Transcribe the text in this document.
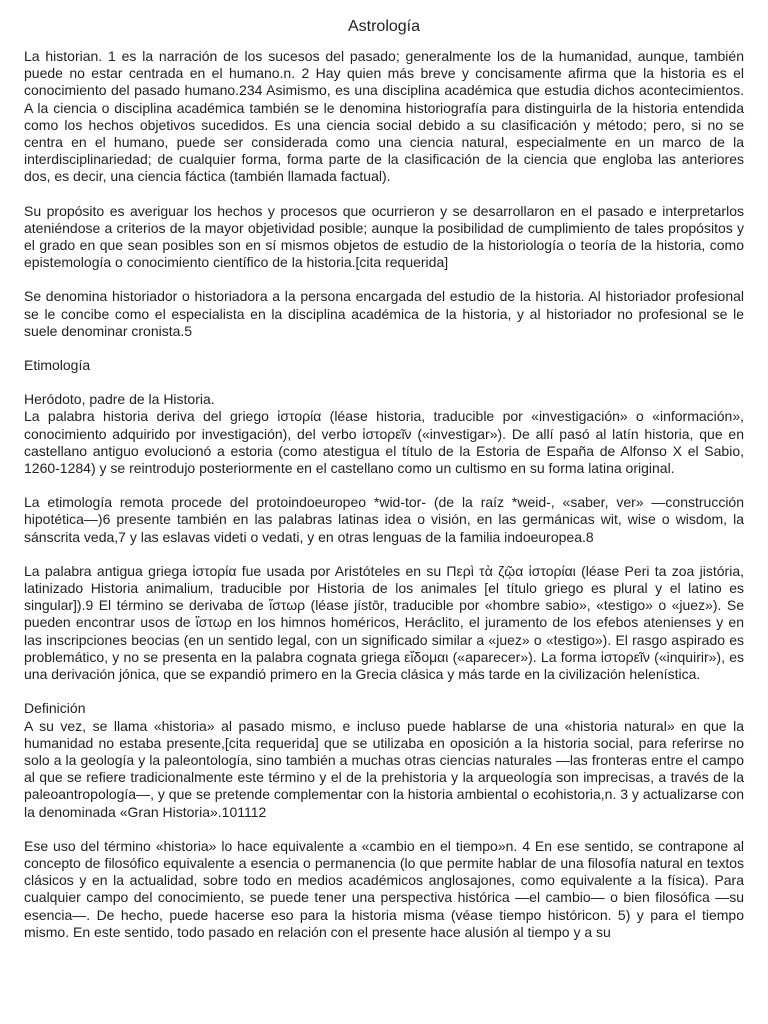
Astrología

La historian. 1 es la narración de los sucesos del pasado; generalmente los de la humanidad, aunque, también puede no estar centrada en el humano.n. 2 Hay quien más breve y concisamente afirma que la historia es el conocimiento del pasado humano.234 Asimismo, es una disciplina académica que estudia dichos acontecimientos. A la ciencia o disciplina académica también se le denomina historiografía para distinguirla de la historia entendida como los hechos objetivos sucedidos. Es una ciencia social debido a su clasificación y método; pero, si no se centra en el humano, puede ser considerada como una ciencia natural, especialmente en un marco de la interdisciplinariedad; de cualquier forma, forma parte de la clasificación de la ciencia que engloba las anteriores dos, es decir, una ciencia fáctica (también llamada factual).

Su propósito es averiguar los hechos y procesos que ocurrieron y se desarrollaron en el pasado e interpretarlos ateniéndose a criterios de la mayor objetividad posible; aunque la posibilidad de cumplimiento de tales propósitos y el grado en que sean posibles son en sí mismos objetos de estudio de la historiología o teoría de la historia, como epistemología o conocimiento científico de la historia.[cita requerida]

Se denomina historiador o historiadora a la persona encargada del estudio de la historia. Al historiador profesional se le concibe como el especialista en la disciplina académica de la historia, y al historiador no profesional se le suele denominar cronista.5

Etimología
Heródoto, padre de la Historia.

La palabra historia deriva del griego ἱστορία (léase historia, traducible por «investigación» o «información», conocimiento adquirido por investigación), del verbo ἱστορεῖν («investigar»). De allí pasó al latín historia, que en castellano antiguo evolucionó a estoria (como atestigua el título de la Estoria de España de Alfonso X el Sabio, 1260-1284) y se reintrodujo posteriormente en el castellano como un cultismo en su forma latina original.

La etimología remota procede del protoindoeuropeo *wid-tor- (de la raíz *weid-, «saber, ver» —construcción hipotética—)6 presente también en las palabras latinas idea o visión, en las germánicas wit, wise o wisdom, la sánscrita veda,7 y las eslavas videti o vedati, y en otras lenguas de la familia indoeuropea.8

La palabra antigua griega ἱστορία fue usada por Aristóteles en su Περὶ τὰ ζῷα ἱστορίαι (léase Peri ta zoa jistória, latinizado Historia animalium, traducible por Historia de los animales [el título griego es plural y el latino es singular]).9 El término se derivaba de ἵστωρ (léase jístōr, traducible por «hombre sabio», «testigo» o «juez»). Se pueden encontrar usos de ἵστωρ en los himnos homéricos, Heráclito, el juramento de los efebos atenienses y en las inscripciones beocias (en un sentido legal, con un significado similar a «juez» o «testigo»). El rasgo aspirado es problemático, y no se presenta en la palabra cognata griega εἴδομαι («aparecer»). La forma ἱστορεῖν («inquirir»), es una derivación jónica, que se expandió primero en la Grecia clásica y más tarde en la civilización helenística.

Definición

A su vez, se llama «historia» al pasado mismo, e incluso puede hablarse de una «historia natural» en que la humanidad no estaba presente,[cita requerida] que se utilizaba en oposición a la historia social, para referirse no solo a la geología y la paleontología, sino también a muchas otras ciencias naturales —las fronteras entre el campo al que se refiere tradicionalmente este término y el de la prehistoria y la arqueología son imprecisas, a través de la paleoantropología—, y que se pretende complementar con la historia ambiental o ecohistoria,n. 3 y actualizarse con la denominada «Gran Historia».101112

Ese uso del término «historia» lo hace equivalente a «cambio en el tiempo»n. 4 En ese sentido, se contrapone al concepto de filosófico equivalente a esencia o permanencia (lo que permite hablar de una filosofía natural en textos clásicos y en la actualidad, sobre todo en medios académicos anglosajones, como equivalente a la física). Para cualquier campo del conocimiento, se puede tener una perspectiva histórica —el cambio— o bien filosófica —su esencia—. De hecho, puede hacerse eso para la historia misma (véase tiempo históricon. 5) y para el tiempo mismo. En este sentido, todo pasado en relación con el presente hace alusión al tiempo y a su
